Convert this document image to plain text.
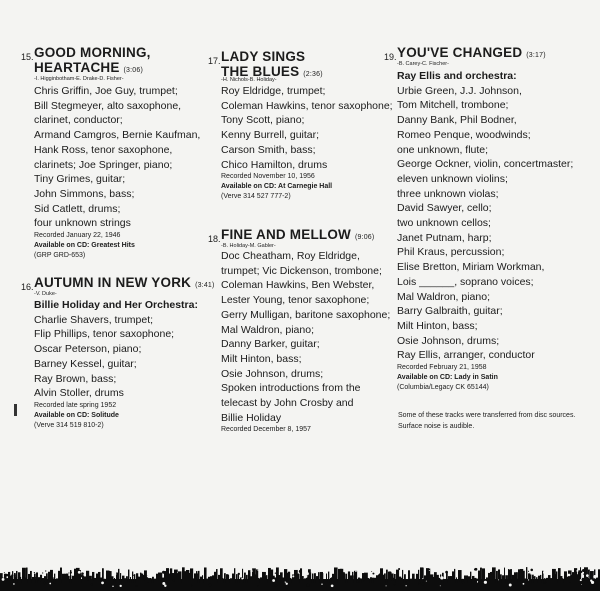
15. GOOD MORNING,
HEARTACHE (3:06)
-I. Higginbotham-E. Drake-D. Fisher-
Chris Griffin, Joe Guy, trumpet;
Bill Stegmeyer, alto saxophone,
clarinet, conductor;
Armand Camgros, Bernie Kaufman,
Hank Ross, tenor saxophone,
clarinets; Joe Springer, piano;
Tiny Grimes, guitar;
John Simmons, bass;
Sid Catlett, drums;
four unknown strings
Recorded January 22, 1946
Available on CD: Greatest Hits
(GRP GRD-653)
16. AUTUMN IN NEW YORK (3:41)
-V. Duke-
Billie Holiday and Her Orchestra:
Charlie Shavers, trumpet;
Flip Phillips, tenor saxophone;
Oscar Peterson, piano;
Barney Kessel, guitar;
Ray Brown, bass;
Alvin Stoller, drums
Recorded late spring 1952
Available on CD: Solitude
(Verve 314 519 810-2)
17. LADY SINGS
THE BLUES (2:36)
-H. Nichols-B. Holiday-
Roy Eldridge, trumpet;
Coleman Hawkins, tenor saxophone;
Tony Scott, piano;
Kenny Burrell, guitar;
Carson Smith, bass;
Chico Hamilton, drums
Recorded November 10, 1956
Available on CD: At Carnegie Hall
(Verve 314 527 777-2)
18. FINE AND MELLOW (9:06)
-B. Holiday-M. Gabler-
Doc Cheatham, Roy Eldridge,
trumpet; Vic Dickenson, trombone;
Coleman Hawkins, Ben Webster,
Lester Young, tenor saxophone;
Gerry Mulligan, baritone saxophone;
Mal Waldron, piano;
Danny Barker, guitar;
Milt Hinton, bass;
Osie Johnson, drums;
Spoken introductions from the
telecast by John Crosby and
Billie Holiday
Recorded December 8, 1957
19. YOU'VE CHANGED (3:17)
-B. Carey-C. Fischer-
Ray Ellis and orchestra:
Urbie Green, J.J. Johnson,
Tom Mitchell, trombone;
Danny Bank, Phil Bodner,
Romeo Penque, woodwinds;
one unknown, flute;
George Ockner, violin, concertmaster;
eleven unknown violins;
three unknown violas;
David Sawyer, cello;
two unknown cellos;
Janet Putnam, harp;
Phil Kraus, percussion;
Elise Bretton, Miriam Workman,
Lois ______, soprano voices;
Mal Waldron, piano;
Barry Galbraith, guitar;
Milt Hinton, bass;
Osie Johnson, drums;
Ray Ellis, arranger, conductor
Recorded February 21, 1958
Available on CD: Lady in Satin
(Columbia/Legacy CK 65144)
Some of these tracks were transferred from disc sources. Surface noise is audible.
